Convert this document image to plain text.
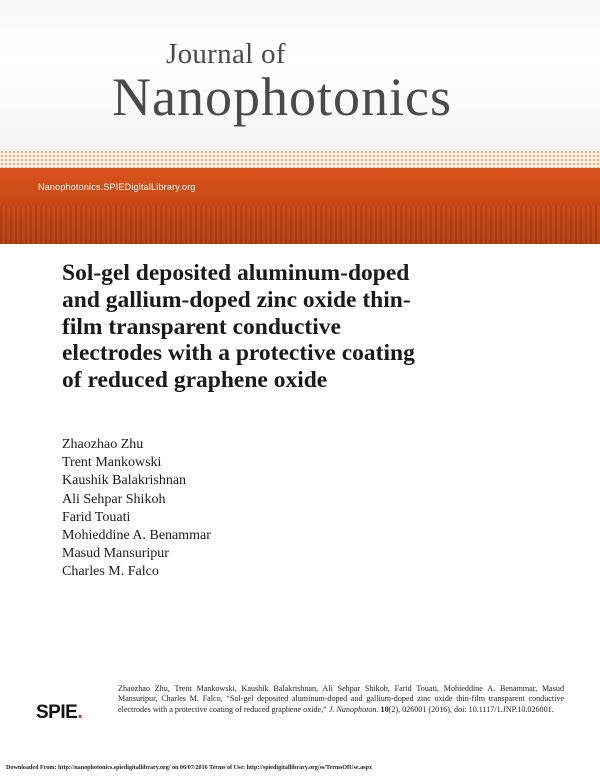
Journal of
Nanophotonics
Nanophotonics.SPIEDigitalLibrary.org
Sol-gel deposited aluminum-doped
and gallium-doped zinc oxide thin-
film transparent conductive
electrodes with a protective coating
of reduced graphene oxide
Zhaozhao Zhu
Trent Mankowski
Kaushik Balakrishnan
Ali Sehpar Shikoh
Farid Touati
Mohieddine A. Benammar
Masud Mansuripur
Charles M. Falco
SPIE.

Zhaozhao Zhu, Trent Mankowski, Kaushik Balakrishnan, Ali Sehpar Shikoh, Farid Touati, Mohieddine A. Benammar, Masud Mansuripur, Charles M. Falco, “Sol-gel deposited aluminum-doped and gallium-doped zinc oxide thin-film transparent conductive electrodes with a protective coating of reduced graphene oxide,” J. Nanophoton. 10(2), 026001 (2016), doi: 10.1117/1.JNP.10.026001.

Downloaded From: http://nanophotonics.spiedigitallibrary.org/ on 06/07/2016 Terms of Use: http://spiedigitallibrary.org/ss/TermsOfUse.aspx
